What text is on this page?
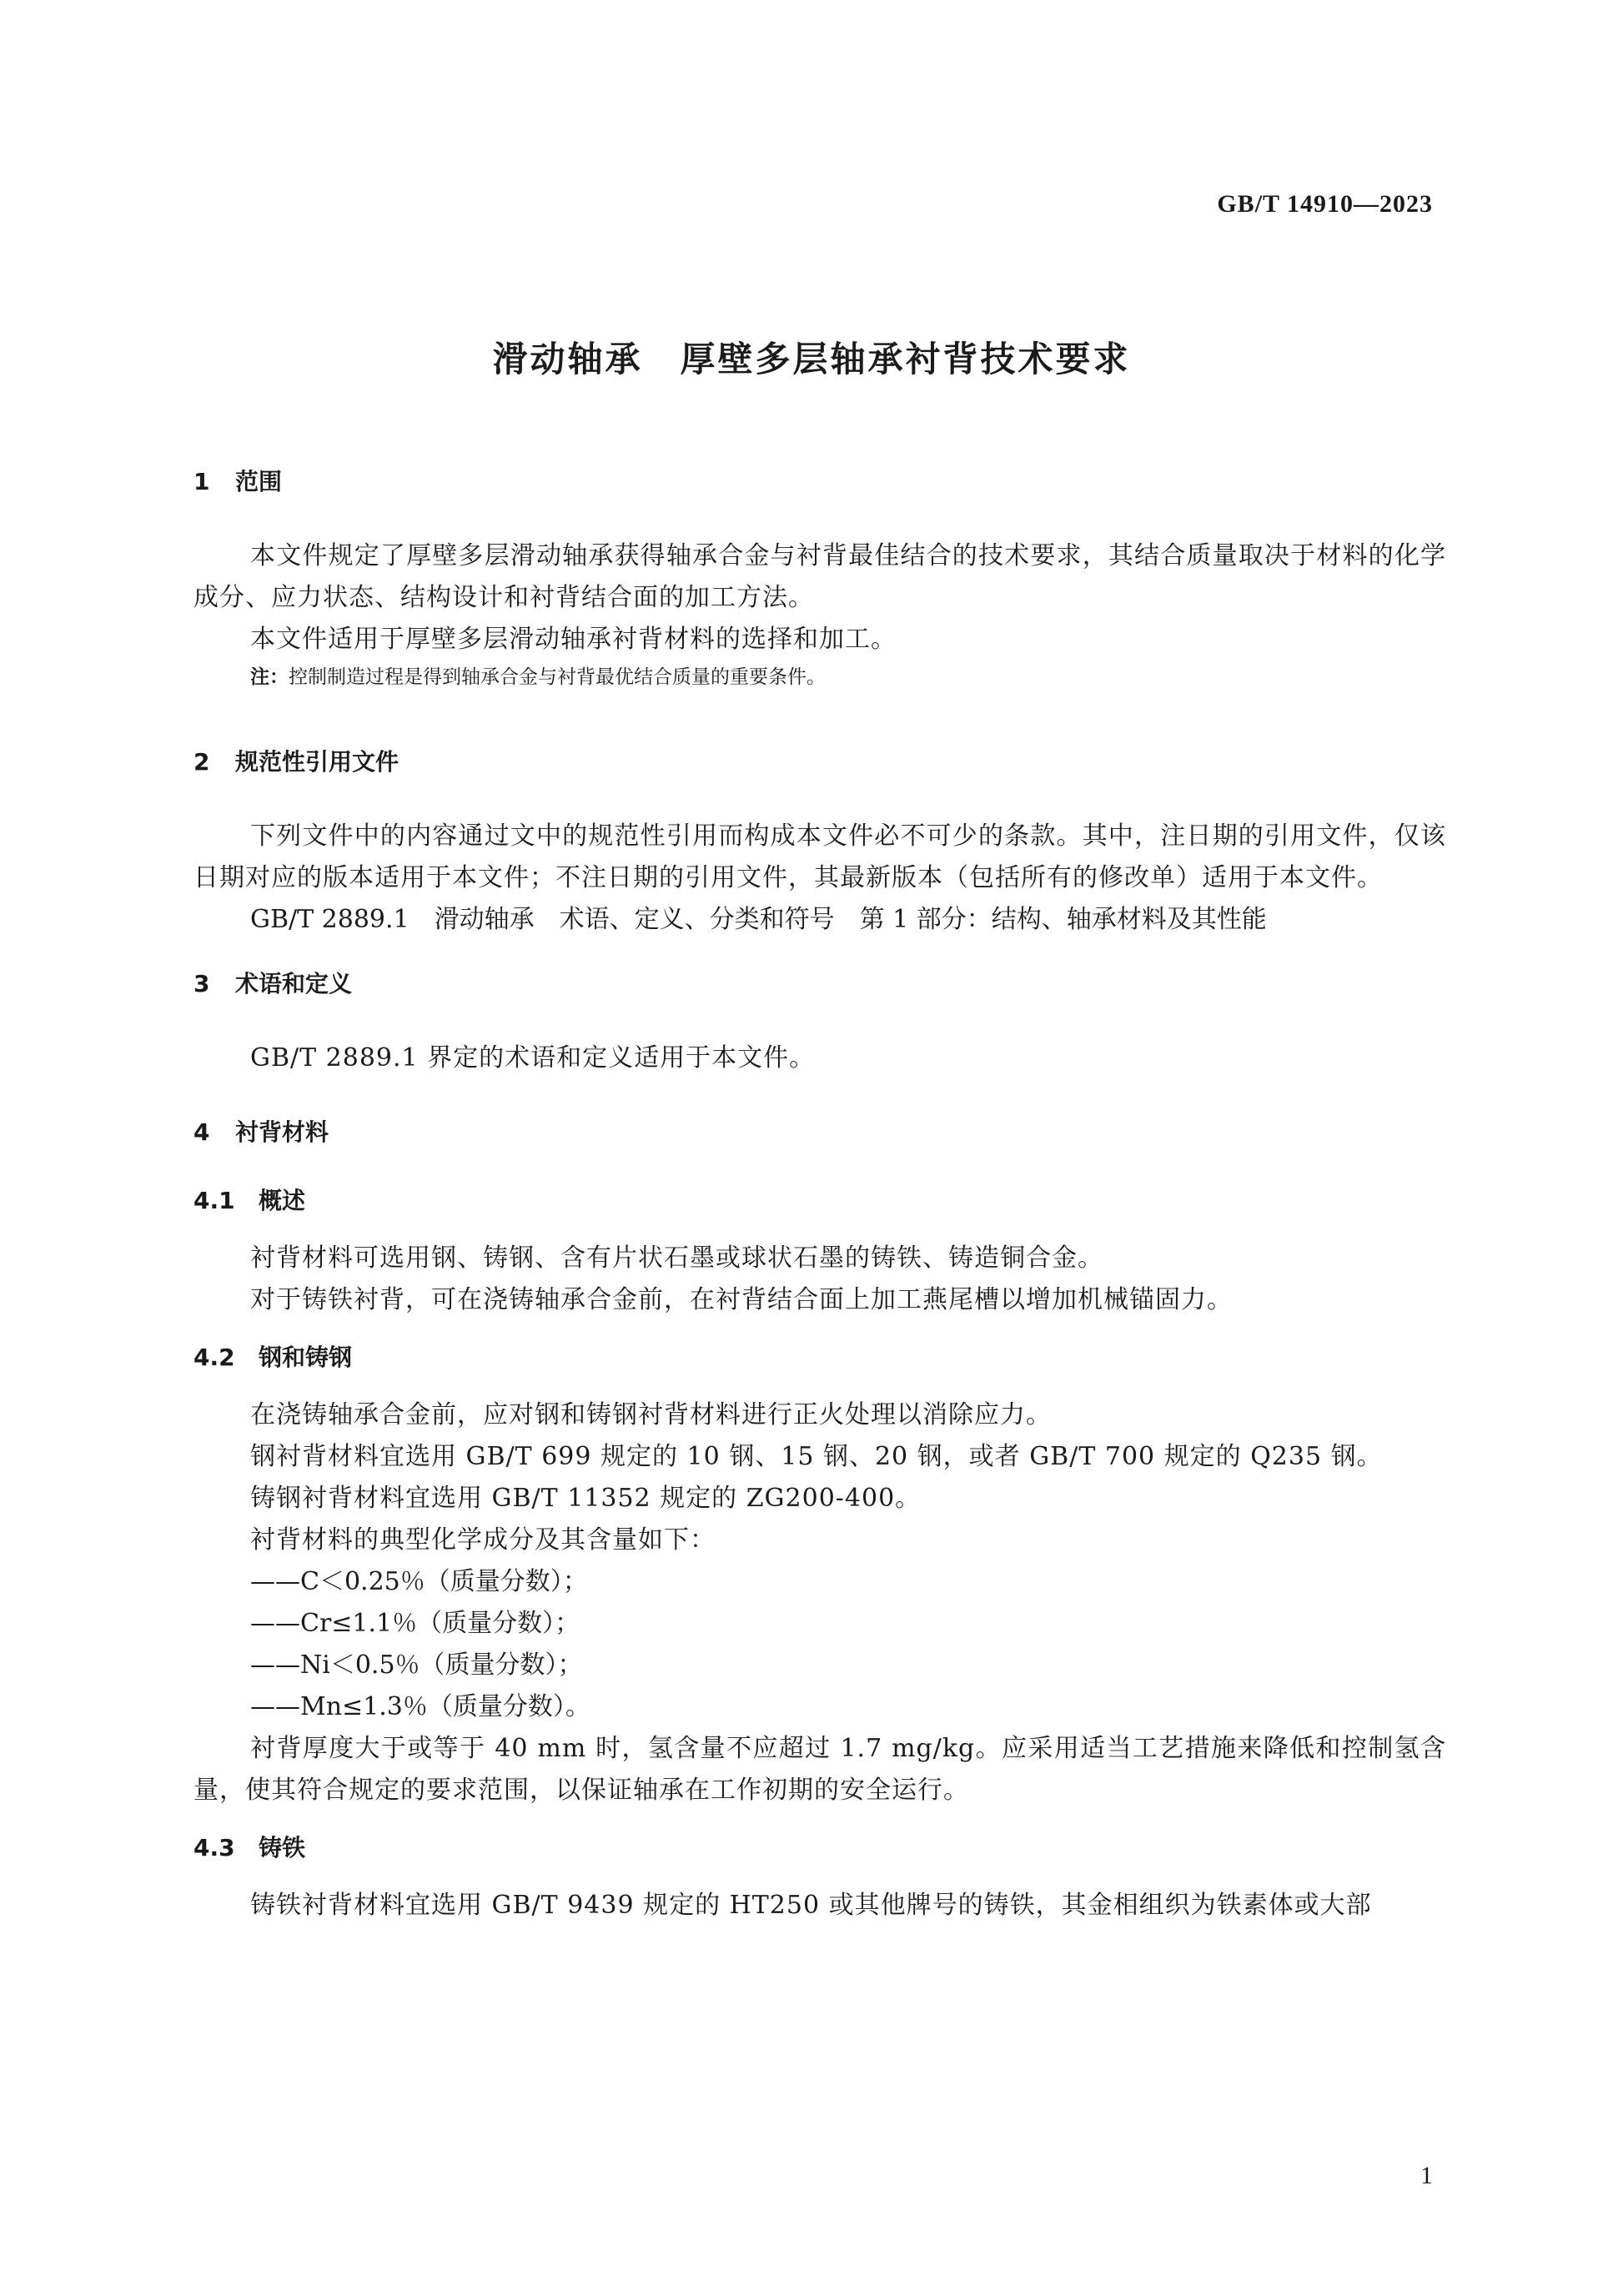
GB/T 14910—2023
滑动轴承　厚壁多层轴承衬背技术要求
1 范围

本文件规定了厚壁多层滑动轴承获得轴承合金与衬背最佳结合的技术要求，其结合质量取决于材料的化学成分、应力状态、结构设计和衬背结合面的加工方法。

本文件适用于厚壁多层滑动轴承衬背材料的选择和加工。

注：控制制造过程是得到轴承合金与衬背最优结合质量的重要条件。

2 规范性引用文件

下列文件中的内容通过文中的规范性引用而构成本文件必不可少的条款。其中，注日期的引用文件，仅该日期对应的版本适用于本文件；不注日期的引用文件，其最新版本（包括所有的修改单）适用于本文件。

GB/T 2889.1　滑动轴承　术语、定义、分类和符号　第 1 部分：结构、轴承材料及其性能

3 术语和定义

GB/T 2889.1 界定的术语和定义适用于本文件。

4 衬背材料
4.1 概述

衬背材料可选用钢、铸钢、含有片状石墨或球状石墨的铸铁、铸造铜合金。

对于铸铁衬背，可在浇铸轴承合金前，在衬背结合面上加工燕尾槽以增加机械锚固力。

4.2 钢和铸钢

在浇铸轴承合金前，应对钢和铸钢衬背材料进行正火处理以消除应力。

钢衬背材料宜选用 GB/T 699 规定的 10 钢、15 钢、20 钢，或者 GB/T 700 规定的 Q235 钢。

铸钢衬背材料宜选用 GB/T 11352 规定的 ZG200-400。

衬背材料的典型化学成分及其含量如下：

——C＜0.25％（质量分数）；

——Cr≤1.1％（质量分数）；

——Ni＜0.5％（质量分数）；

——Mn≤1.3％（质量分数）。

衬背厚度大于或等于 40 mm 时，氢含量不应超过 1.7 mg/kg。应采用适当工艺措施来降低和控制氢含量，使其符合规定的要求范围，以保证轴承在工作初期的安全运行。

4.3 铸铁

铸铁衬背材料宜选用 GB/T 9439 规定的 HT250 或其他牌号的铸铁，其金相组织为铁素体或大部

1
